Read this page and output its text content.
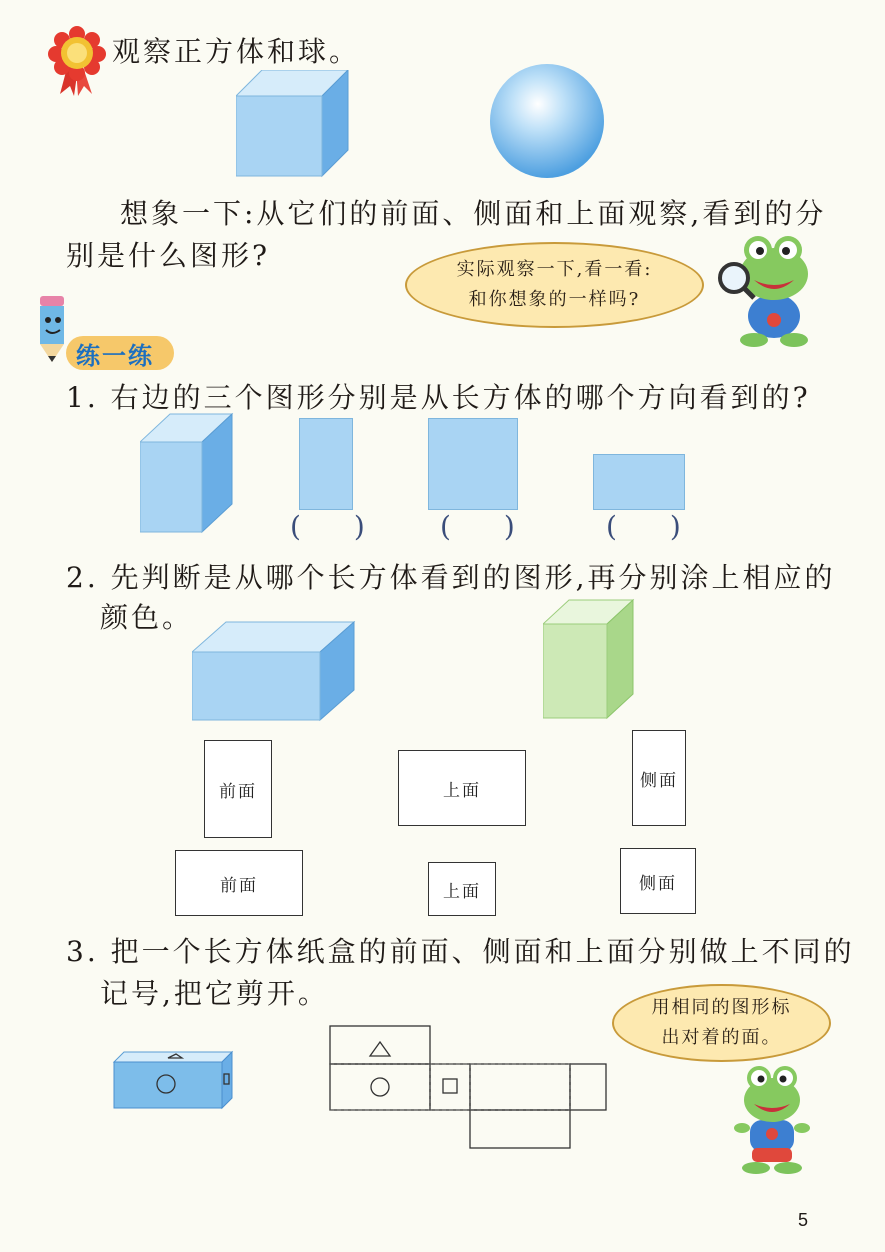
观察正方体和球。
想象一下:从它们的前面、侧面和上面观察,看到的分
别是什么图形?	实际观察一下,看一看:
和你想象的一样吗?
练一练
1. 右边的三个图形分别是从长方体的哪个方向看到的?
( ) ( ) ( )
2. 先判断是从哪个长方体看到的图形,再分别涂上相应的
颜色。
前面	上面	侧面
前面	上面	侧面
3. 把一个长方体纸盒的前面、侧面和上面分别做上不同的
记号,把它剪开。	用相同的图形标
出对着的面。
5
